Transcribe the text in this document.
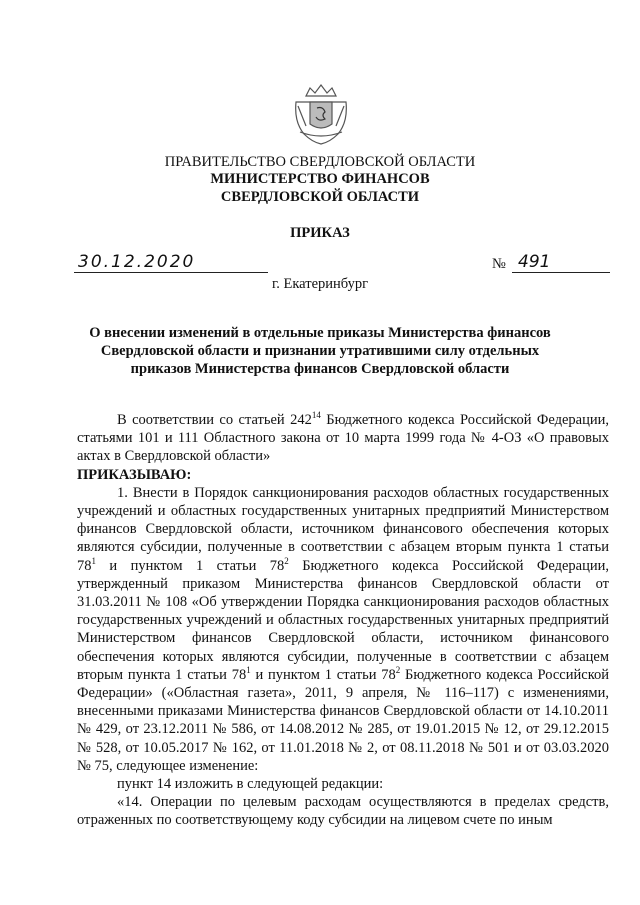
ПРАВИТЕЛЬСТВО СВЕРДЛОВСКОЙ ОБЛАСТИ
МИНИСТЕРСТВО ФИНАНСОВ
СВЕРДЛОВСКОЙ ОБЛАСТИ
ПРИКАЗ
30.12.2020	№ 491
г. Екатеринбург
О внесении изменений в отдельные приказы Министерства финансов Свердловской области и признании утратившими силу отдельных приказов Министерства финансов Свердловской области

В соответствии со статьей $242^{14}$ Бюджетного кодекса Российской Федерации, статьями 101 и 111 Областного закона от 10 марта 1999 года № 4-ОЗ «О правовых актах в Свердловской области»

ПРИКАЗЫВАЮ:

1. Внести в Порядок санкционирования расходов областных государственных учреждений и областных государственных унитарных предприятий Министерством финансов Свердловской области, источником финансового обеспечения которых являются субсидии, полученные в соответствии с абзацем вторым пункта 1 статьи $78^1$ и пунктом 1 статьи $78^2$ Бюджетного кодекса Российской Федерации, утвержденный приказом Министерства финансов Свердловской области от 31.03.2011 № 108 «Об утверждении Порядка санкционирования расходов областных государственных учреждений и областных государственных унитарных предприятий Министерством финансов Свердловской области, источником финансового обеспечения которых являются субсидии, полученные в соответствии с абзацем вторым пункта 1 статьи $78^1$ и пунктом 1 статьи $78^2$ Бюджетного кодекса Российской Федерации» («Областная газета», 2011, 9 апреля, № 116–117) с изменениями, внесенными приказами Министерства финансов Свердловской области от 14.10.2011 № 429, от 23.12.2011 № 586, от 14.08.2012 № 285, от 19.01.2015 № 12, от 29.12.2015 № 528, от 10.05.2017 № 162, от 11.01.2018 № 2, от 08.11.2018 № 501 и от 03.03.2020 № 75, следующее изменение:

пункт 14 изложить в следующей редакции:

«14. Операции по целевым расходам осуществляются в пределах средств, отраженных по соответствующему коду субсидии на лицевом счете по иным
